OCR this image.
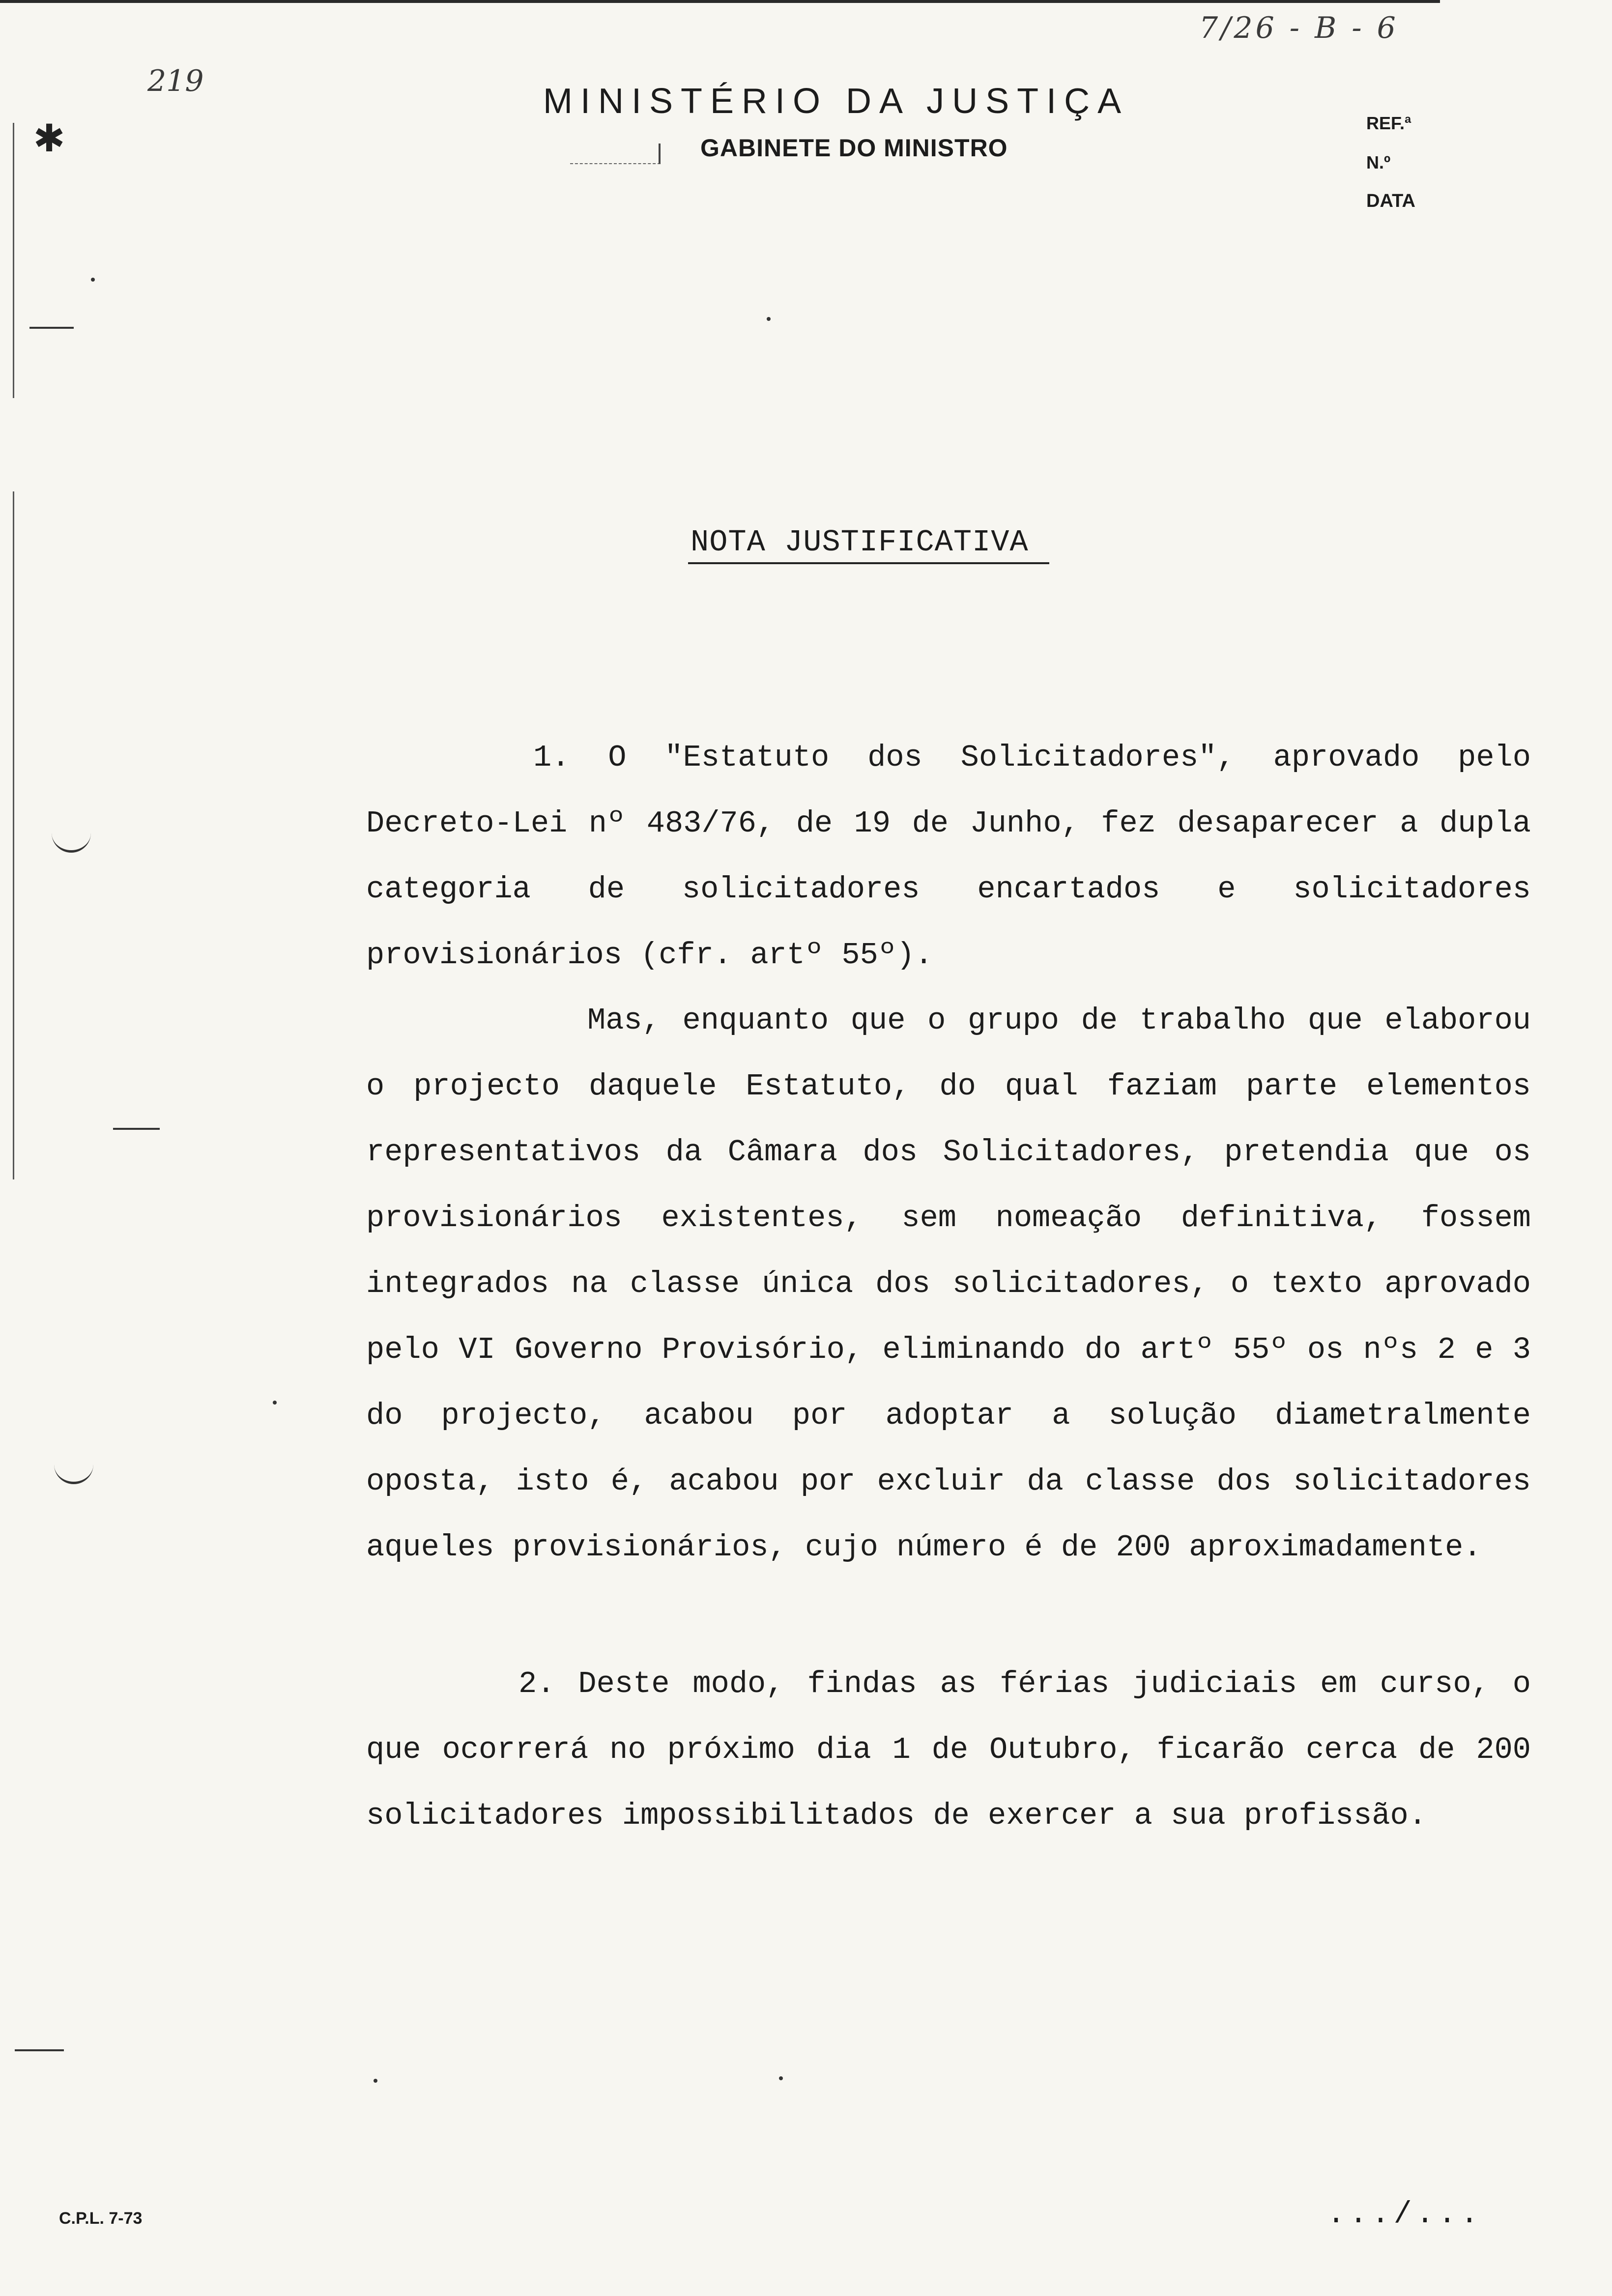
MINISTÉRIO DA JUSTIÇA
GABINETE DO MINISTRO
REF.ª
N.º
DATA
7/26 - B - 6
219
✱
NOTA JUSTIFICATIVA

1. O "Estatuto dos Solicitadores", aprovado pelo Decreto-Lei nº 483/76, de 19 de Junho, fez desaparecer a dupla categoria de solicitadores encartados e solicitadores provisionários (cfr. artº 55º).

Mas, enquanto que o grupo de trabalho que elaborou o projecto daquele Estatuto, do qual faziam parte elementos representativos da Câmara dos Solicitadores, pretendia que os provisionários existentes, sem nomeação definitiva, fossem integrados na classe única dos solicitadores, o texto aprovado pelo VI Governo Provisório, eliminando do artº 55º os nºs 2 e 3 do projecto, acabou por adoptar a solução diametralmente oposta, isto é, acabou por excluir da classe dos solicitadores aqueles provisionários, cujo número é de 200 aproximadamente.

2. Deste modo, findas as férias judiciais em curso, o que ocorrerá no próximo dia 1 de Outubro, ficarão cerca de 200 solicitadores impossibilitados de exercer a sua profissão.

C.P.L. 7-73	.../...
